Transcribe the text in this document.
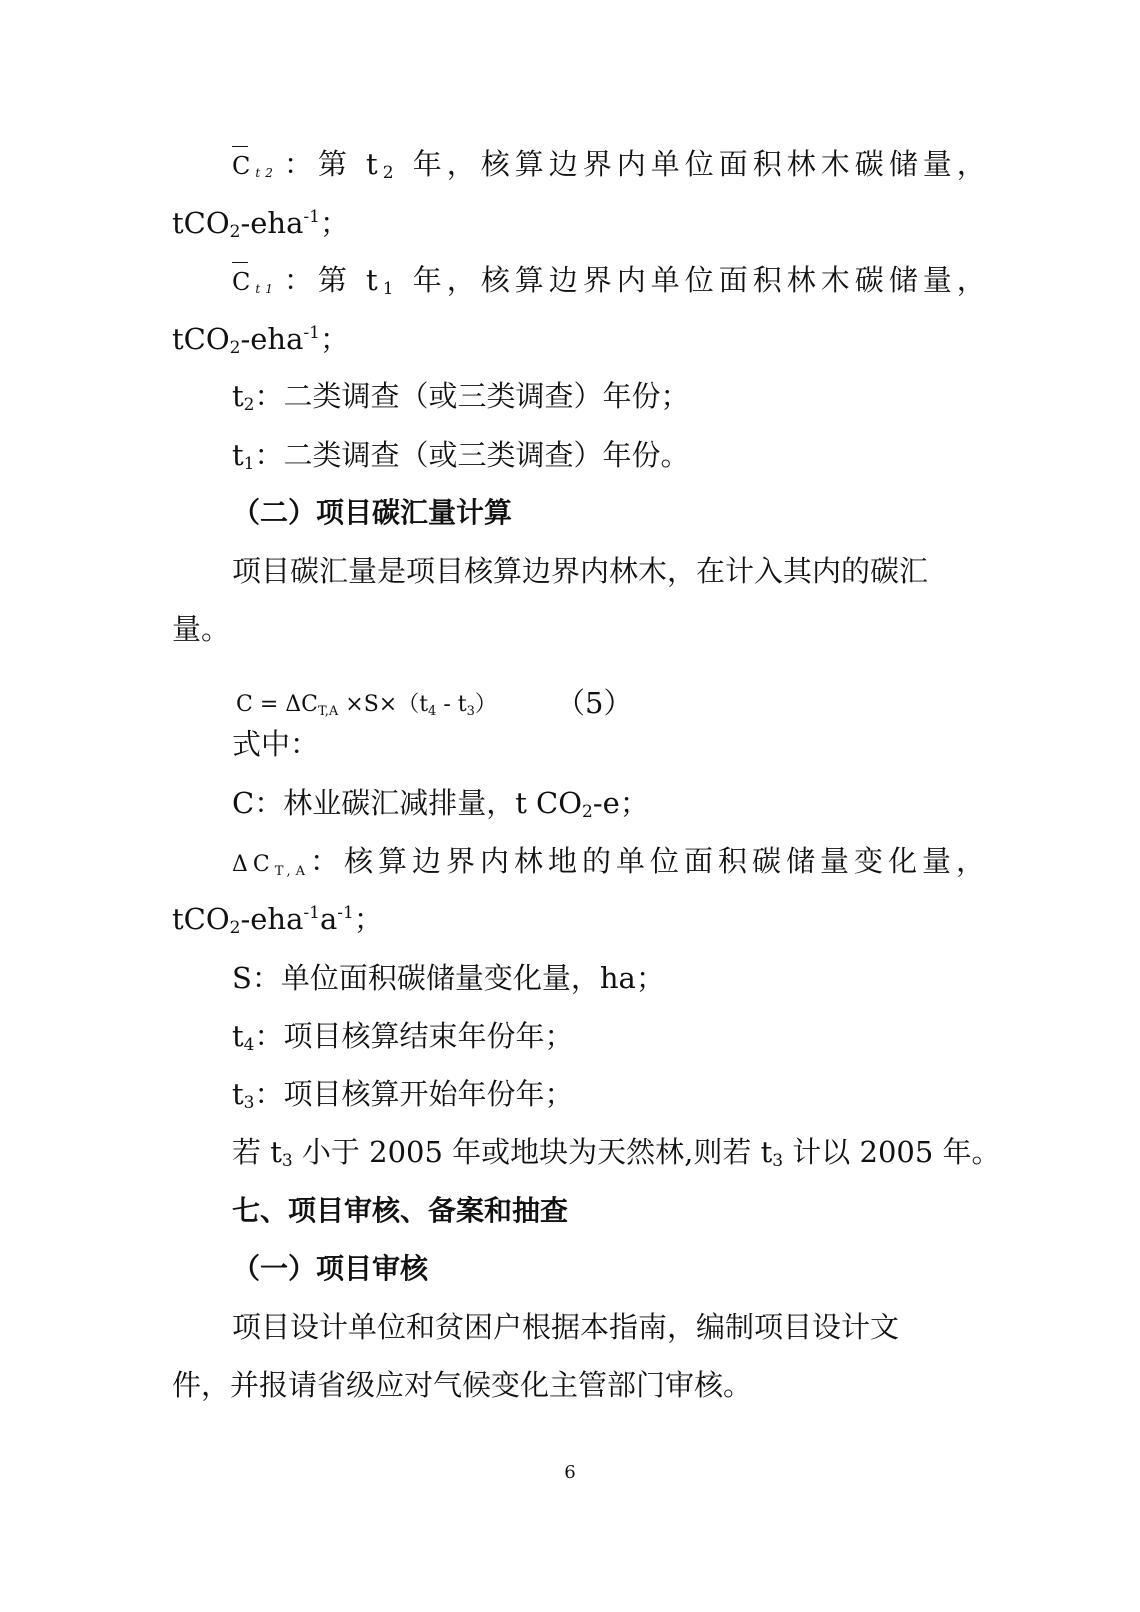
Ct2 ：第 $t_2$ 年，核算边界内单位面积林木碳储量，
tCO$_2$-eha$^{-1}$；
Ct1 ：第 $t_1$ 年，核算边界内单位面积林木碳储量，
tCO$_2$-eha$^{-1}$；
$t_2$：二类调查（或三类调查）年份；
$t_1$：二类调查（或三类调查）年份。
（二）项目碳汇量计算
项目碳汇量是项目核算边界内林木，在计入其内的碳汇
量。
$C = \Delta C_{T,A} \times S\times(t_4 - t_3)$ （5）
式中：
C：林业碳汇减排量，t $CO_2-e$；
$\Delta C_{T,A}$：核算边界内林地的单位面积碳储量变化量，
$tCO_2-eha^{-1}a^{-1}$；
S：单位面积碳储量变化量，ha；
$t_4$：项目核算结束年份年；
$t_3$：项目核算开始年份年；
若 $t_3$ 小于 2005 年或地块为天然林,则若 $t_3$ 计以 2005 年。
七、项目审核、备案和抽查
（一）项目审核
项目设计单位和贫困户根据本指南，编制项目设计文
件，并报请省级应对气候变化主管部门审核。
6
